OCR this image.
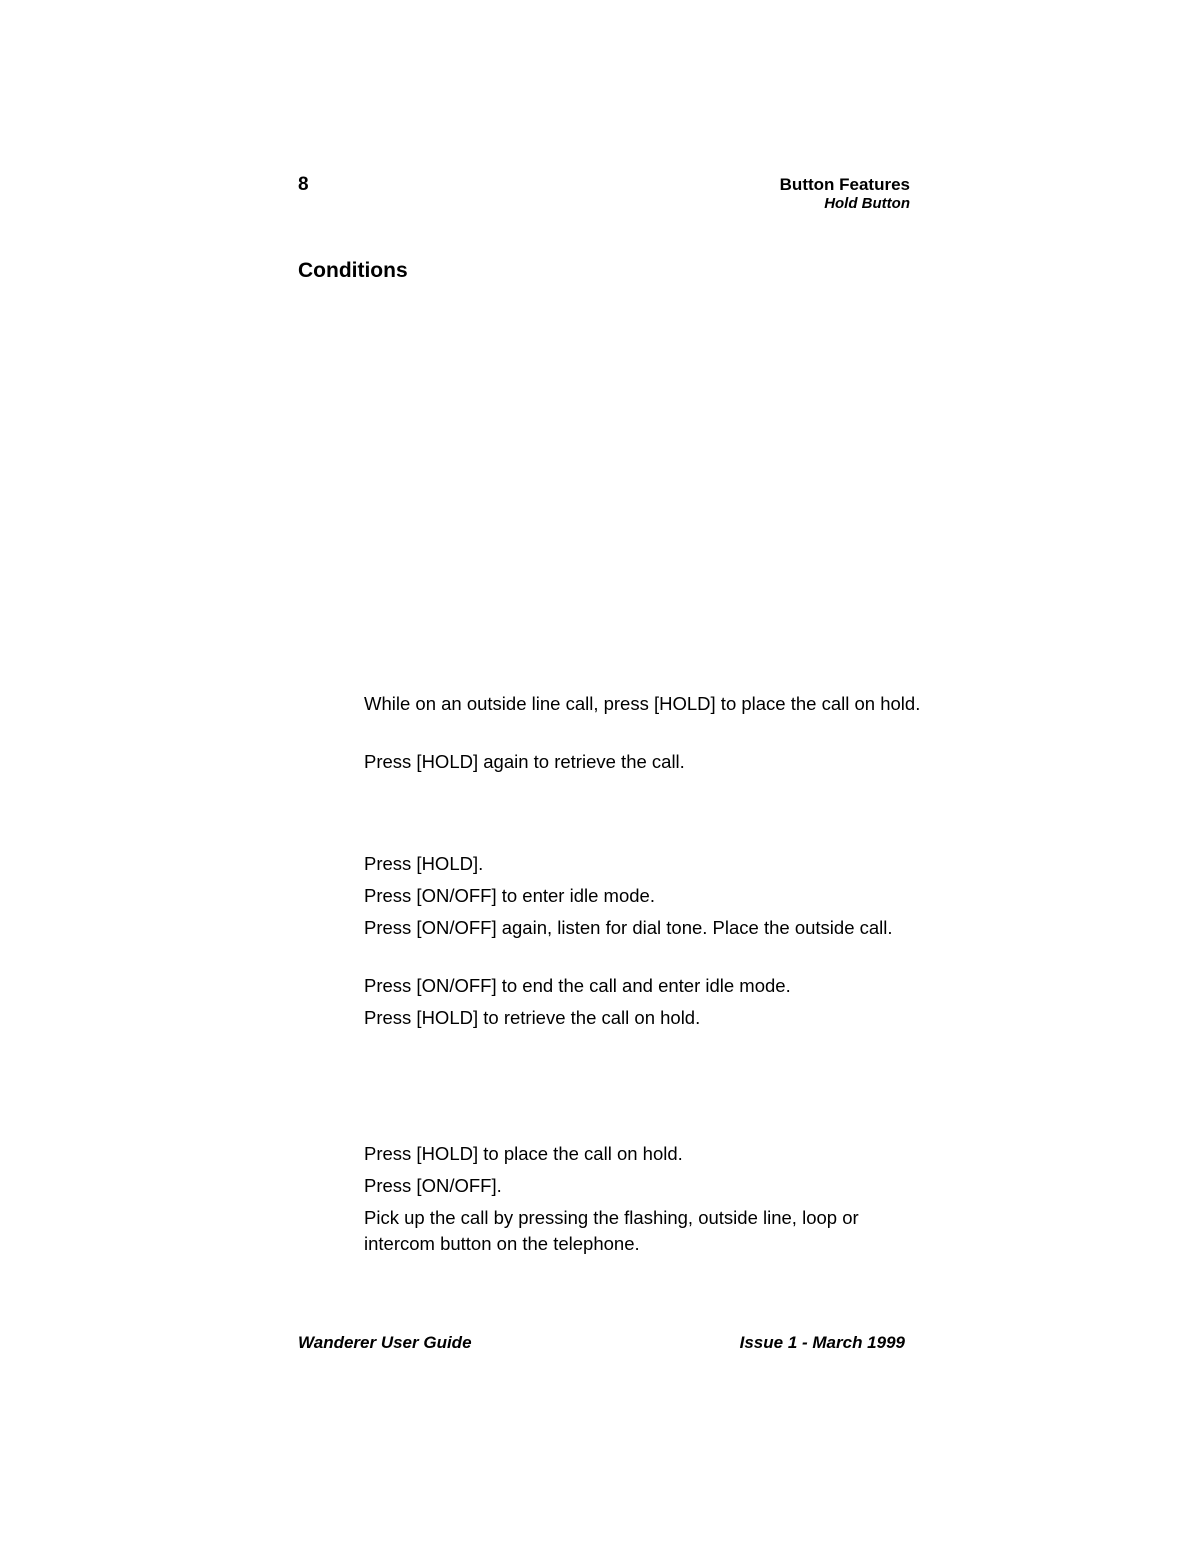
8	Button Features
Hold Button
Conditions

While on an outside line call, press [HOLD] to place the call on hold.

Press [HOLD] again to retrieve the call.

Press [HOLD].

Press [ON/OFF] to enter idle mode.

Press [ON/OFF] again, listen for dial tone. Place the outside call.

Press [ON/OFF] to end the call and enter idle mode.

Press [HOLD] to retrieve the call on hold.

Press [HOLD] to place the call on hold.

Press [ON/OFF].

Pick up the call by pressing the flashing, outside line, loop or intercom button on the telephone.

Wanderer User Guide	Issue 1 - March 1999
